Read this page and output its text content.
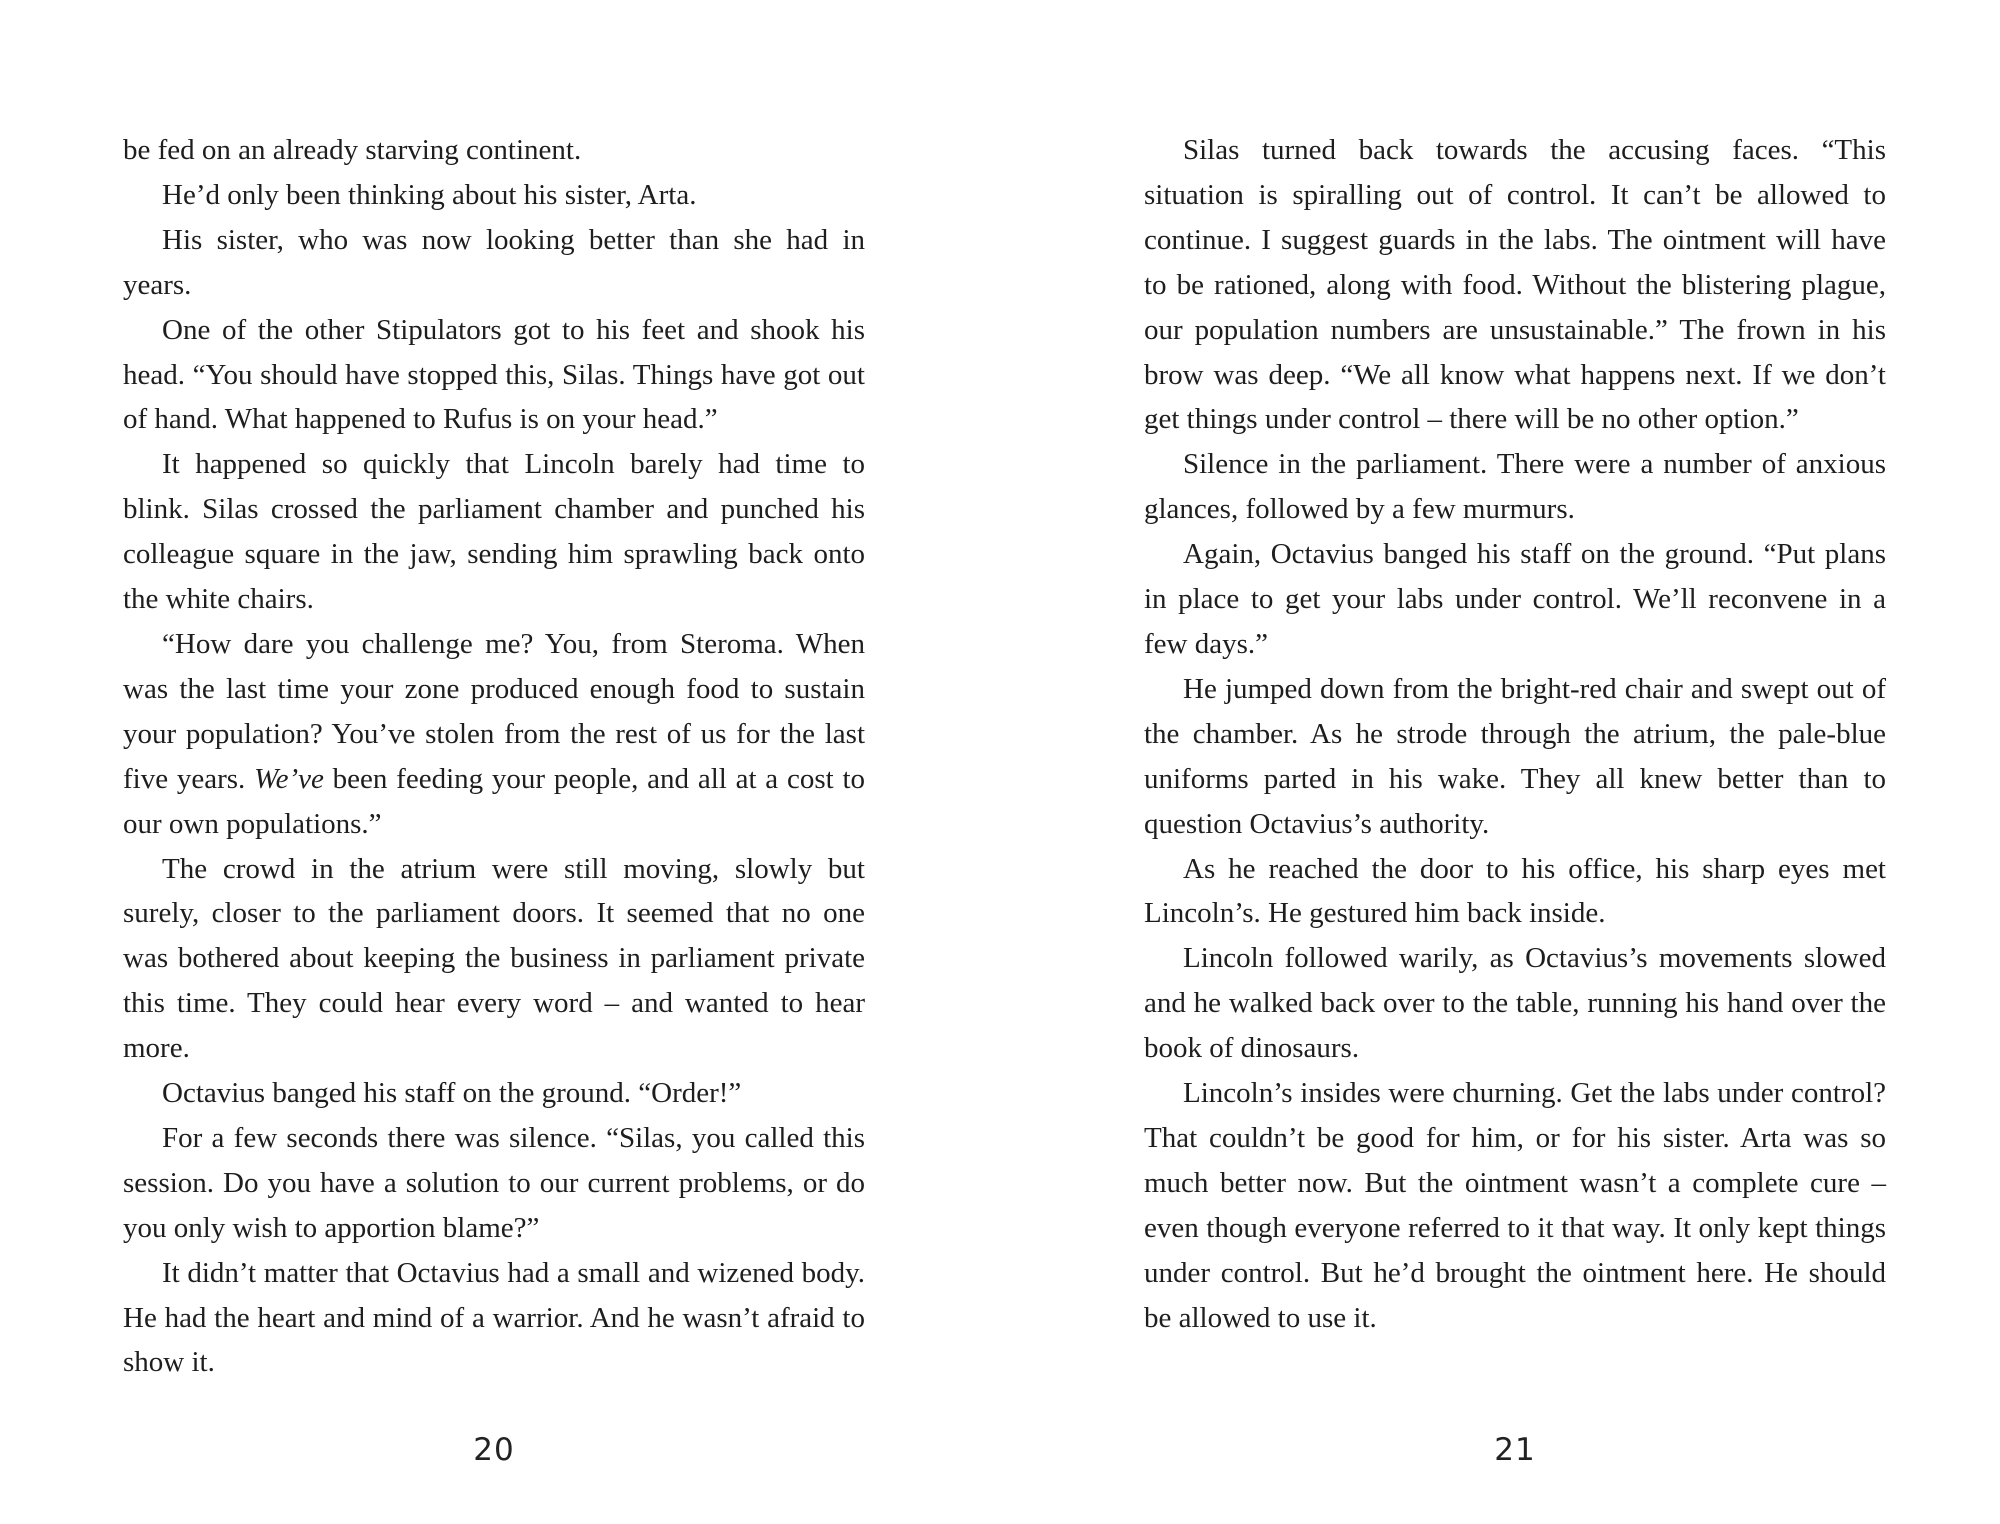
be fed on an already starving continent.

He’d only been thinking about his sister, Arta.

His sister, who was now looking better than she had in years.

One of the other Stipulators got to his feet and shook his head. “You should have stopped this, Silas. Things have got out of hand. What happened to Rufus is on your head.”

It happened so quickly that Lincoln barely had time to blink. Silas crossed the parliament chamber and punched his colleague square in the jaw, sending him sprawling back onto the white chairs.

“How dare you challenge me? You, from Steroma. When was the last time your zone produced enough food to sustain your population? You’ve stolen from the rest of us for the last five years. We’ve been feeding your people, and all at a cost to our own populations.”

The crowd in the atrium were still moving, slowly but surely, closer to the parliament doors. It seemed that no one was bothered about keeping the business in parliament private this time. They could hear every word – and wanted to hear more.

Octavius banged his staff on the ground. “Order!”

For a few seconds there was silence. “Silas, you called this session. Do you have a solution to our current problems, or do you only wish to apportion blame?”

It didn’t matter that Octavius had a small and wizened body. He had the heart and mind of a warrior. And he wasn’t afraid to show it.

Silas turned back towards the accusing faces. “This situation is spiralling out of control. It can’t be allowed to continue. I suggest guards in the labs. The ointment will have to be rationed, along with food. Without the blistering plague, our population numbers are unsustainable.” The frown in his brow was deep. “We all know what happens next. If we don’t get things under control – there will be no other option.”

Silence in the parliament. There were a number of anxious glances, followed by a few murmurs.

Again, Octavius banged his staff on the ground. “Put plans in place to get your labs under control. We’ll reconvene in a few days.”

He jumped down from the bright-red chair and swept out of the chamber. As he strode through the atrium, the pale-blue uniforms parted in his wake. They all knew better than to question Octavius’s authority.

As he reached the door to his office, his sharp eyes met Lincoln’s. He gestured him back inside.

Lincoln followed warily, as Octavius’s movements slowed and he walked back over to the table, running his hand over the book of dinosaurs.

Lincoln’s insides were churning. Get the labs under control? That couldn’t be good for him, or for his sister. Arta was so much better now. But the ointment wasn’t a complete cure – even though everyone referred to it that way. It only kept things under control. But he’d brought the ointment here. He should be allowed to use it.

20	21
